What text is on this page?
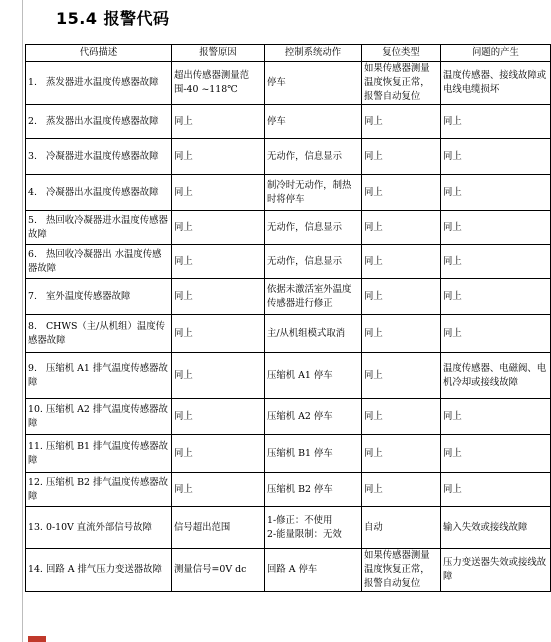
15.4 报警代码
代码描述	报警原因	控制系统动作	复位类型	问题的产生
1. 蒸发器进水温度传感器故障	超出传感器测量范围-40 ~118℃	停车	如果传感器测量温度恢复正常，报警自动复位	温度传感器、接线故障或电线电缆损坏
2. 蒸发器出水温度传感器故障	同上	停车	同上	同上
3. 冷凝器进水温度传感器故障	同上	无动作，信息显示	同上	同上
4. 冷凝器出水温度传感器故障	同上	制冷时无动作，制热时将停车	同上	同上
5. 热回收冷凝器进水温度传感器故障	同上	无动作，信息显示	同上	同上
6. 热回收冷凝器出 水温度传感器故障	同上	无动作，信息显示	同上	同上
7. 室外温度传感器故障	同上	依据未激活室外温度传感器进行修正	同上	同上
8. CHWS（主/从机组）温度传感器故障	同上	主/从机组模式取消	同上	同上
9. 压缩机 A1 排气温度传感器故障	同上	压缩机 A1 停车	同上	温度传感器、电磁阀、电机冷却或接线故障
10. 压缩机 A2 排气温度传感器故障	同上	压缩机 A2 停车	同上	同上
11. 压缩机 B1 排气温度传感器故障	同上	压缩机 B1 停车	同上	同上
12. 压缩机 B2 排气温度传感器故障	同上	压缩机 B2 停车	同上	同上
13. 0-10V 直流外部信号故障	信号超出范围	1-修正：不使用
2-能量限制：无效	自动	输入失效或接线故障
14. 回路 A 排气压力变送器故障	测量信号=0V dc	回路 A 停车	如果传感器测量温度恢复正常，报警自动复位	压力变送器失效或接线故障
